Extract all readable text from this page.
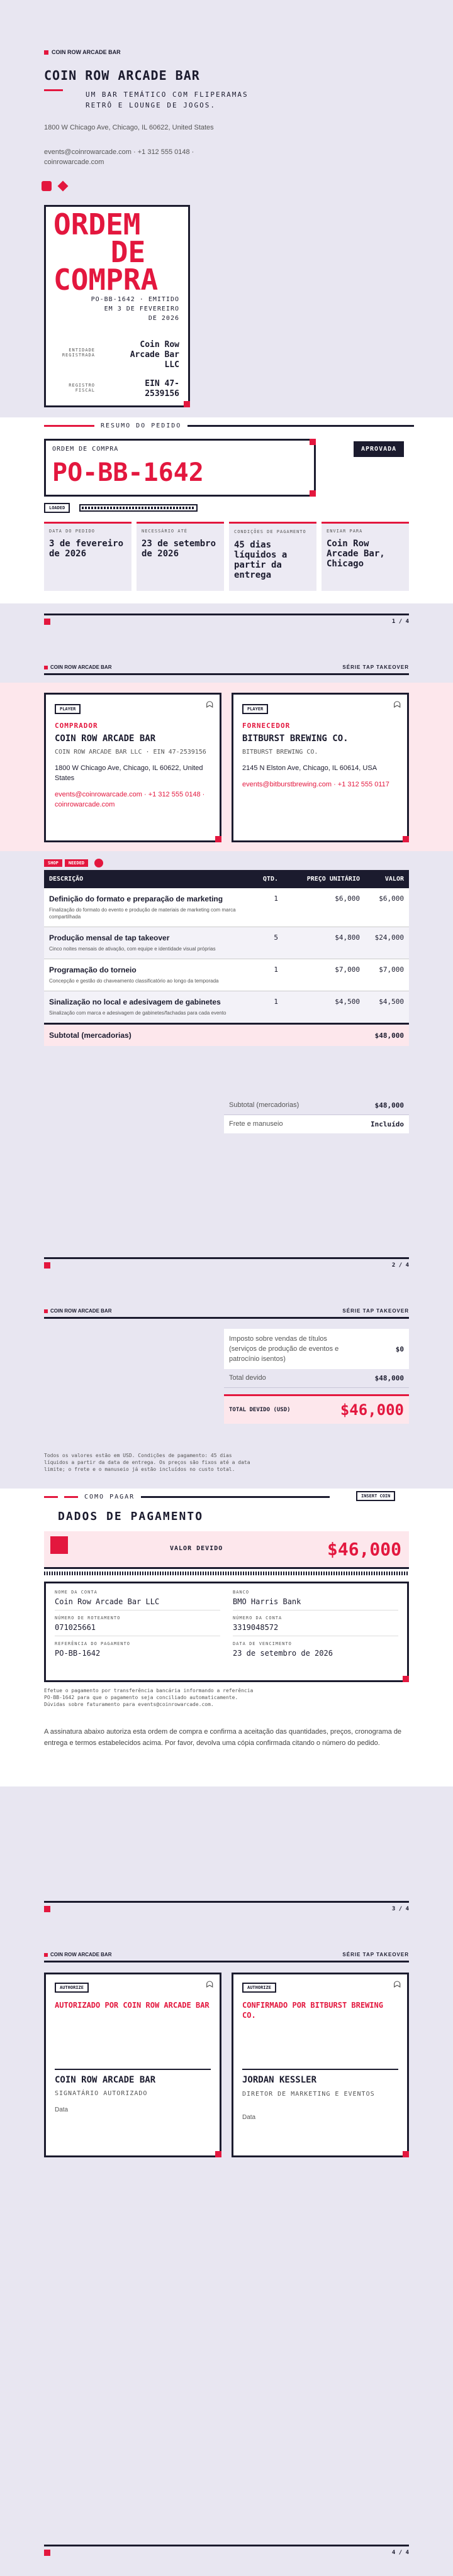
COIN ROW ARCADE BAR
COIN ROW ARCADE BAR
UM BAR TEMÁTICO COM FLIPERAMAS RETRÔ E LOUNGE DE JOGOS.
1800 W Chicago Ave, Chicago, IL 60622, United States
events@coinrowarcade.com · +1 312 555 0148 ·
coinrowarcade.com
ORDEM
DE
COMPRA
PO-BB-1642 · EMITIDO
EM 3 DE FEVEREIRO
DE 2026
ENTIDADE
REGISTRADA
Coin Row
Arcade Bar
LLC
REGISTRO
FISCAL
EIN 47-
2539156
RESUMO DO PEDIDO
ORDEM DE COMPRA
PO-BB-1642
APROVADA
LOADED
DATA DO PEDIDO
3 de fevereiro de 2026
NECESSÁRIO ATÉ
23 de setembro de 2026
CONDIÇÕES DE PAGAMENTO
45 dias líquidos a partir da entrega
ENVIAR PARA
Coin Row Arcade Bar, Chicago
1 / 4
COIN ROW ARCADE BAR	SÉRIE TAP TAKEOVER
PLAYER	ᗣ
COMPRADOR
COIN ROW ARCADE BAR
COIN ROW ARCADE BAR LLC · EIN 47-2539156
1800 W Chicago Ave, Chicago, IL 60622, United States
events@coinrowarcade.com · +1 312 555 0148 · coinrowarcade.com
PLAYER	ᗣ
FORNECEDOR
BITBURST BREWING CO.
BITBURST BREWING CO.
2145 N Elston Ave, Chicago, IL 60614, USA
events@bitburstbrewing.com · +1 312 555 0117
SHOP	NEEDED
DESCRIÇÃO	QTD.	PREÇO UNITÁRIO	VALOR

Definição do formato e preparação de marketing
Finalização do formato do evento e produção de materiais de marketing com marca compartilhada	1	$6,000	$6,000

Produção mensal de tap takeover
Cinco noites mensais de ativação, com equipe e identidade visual próprias	5	$4,800	$24,000

Programação do torneio
Concepção e gestão do chaveamento classificatório ao longo da temporada	1	$7,000	$7,000

Sinalização no local e adesivagem de gabinetes
Sinalização com marca e adesivagem de gabinetes/fachadas para cada evento	1	$4,500	$4,500
Subtotal (mercadorias)			$48,000
Subtotal (mercadorias)	$48,000
Frete e manuseio	Incluído
2 / 4
COIN ROW ARCADE BAR	SÉRIE TAP TAKEOVER
Imposto sobre vendas de títulos (serviços de produção de eventos e patrocínio isentos)
$0
Total devido	$48,000
TOTAL DEVIDO (USD)	$46,000
Todos os valores estão em USD. Condições de pagamento: 45 dias líquidos a partir da data de entrega. Os preços são fixos até a data limite; o frete e o manuseio já estão incluídos no custo total.
COMO PAGAR	INSERT COIN
DADOS DE PAGAMENTO
VALOR DEVIDO	$46,000
NOME DA CONTA
Coin Row Arcade Bar LLC
BANCO
BMO Harris Bank
NÚMERO DE ROTEAMENTO
071025661
NÚMERO DA CONTA
3319048572
REFERÊNCIA DO PAGAMENTO
PO-BB-1642
DATA DE VENCIMENTO
23 de setembro de 2026
Efetue o pagamento por transferência bancária informando a referência PO-BB-1642 para que o pagamento seja conciliado automaticamente. Dúvidas sobre faturamento para events@coinrowarcade.com.
A assinatura abaixo autoriza esta ordem de compra e confirma a aceitação das quantidades, preços, cronograma de entrega e termos estabelecidos acima. Por favor, devolva uma cópia confirmada citando o número do pedido.
3 / 4
COIN ROW ARCADE BAR	SÉRIE TAP TAKEOVER
AUTHORIZE	ᗣ
AUTORIZADO POR COIN ROW ARCADE BAR
COIN ROW ARCADE BAR
SIGNATÁRIO AUTORIZADO
Data
AUTHORIZE	ᗣ
CONFIRMADO POR BITBURST BREWING CO.
JORDAN KESSLER
DIRETOR DE MARKETING E EVENTOS
Data
4 / 4
